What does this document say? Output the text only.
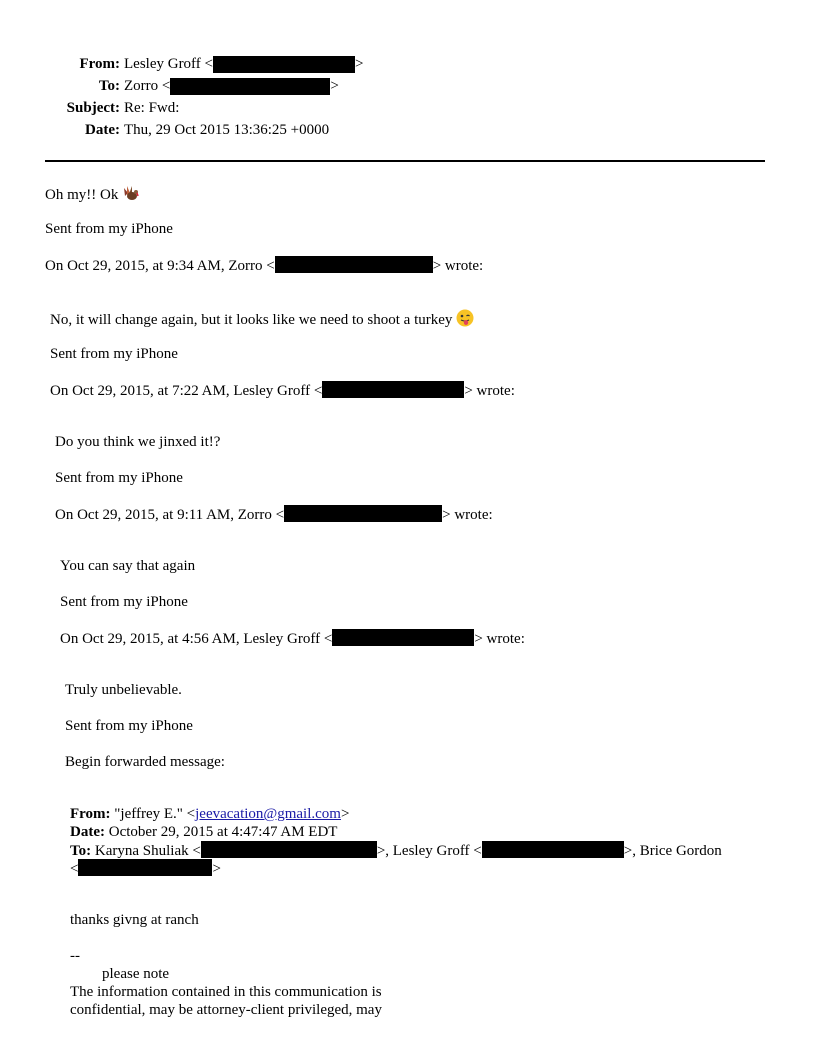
From: Lesley Groff <	>
To: Zorro <	>
Subject: Re: Fwd:
Date: Thu, 29 Oct 2015 13:36:25 +0000
Oh my!! Ok
Sent from my iPhone
On Oct 29, 2015, at 9:34 AM, Zorro <	> wrote:
No, it will change again, but it looks like we need to shoot a turkey
Sent from my iPhone
On Oct 29, 2015, at 7:22 AM, Lesley Groff <	> wrote:
Do you think we jinxed it!?
Sent from my iPhone
On Oct 29, 2015, at 9:11 AM, Zorro <	> wrote:
You can say that again
Sent from my iPhone
On Oct 29, 2015, at 4:56 AM, Lesley Groff <	> wrote:
Truly unbelievable.
Sent from my iPhone
Begin forwarded message:
From: "jeffrey E." <jeevacation@gmail.com>
Date: October 29, 2015 at 4:47:47 AM EDT
To: Karyna Shuliak <	>, Lesley Groff <	>, Brice Gordon
<	>
thanks givng at ranch
--
please note
The information contained in this communication is
confidential, may be attorney-client privileged, may
